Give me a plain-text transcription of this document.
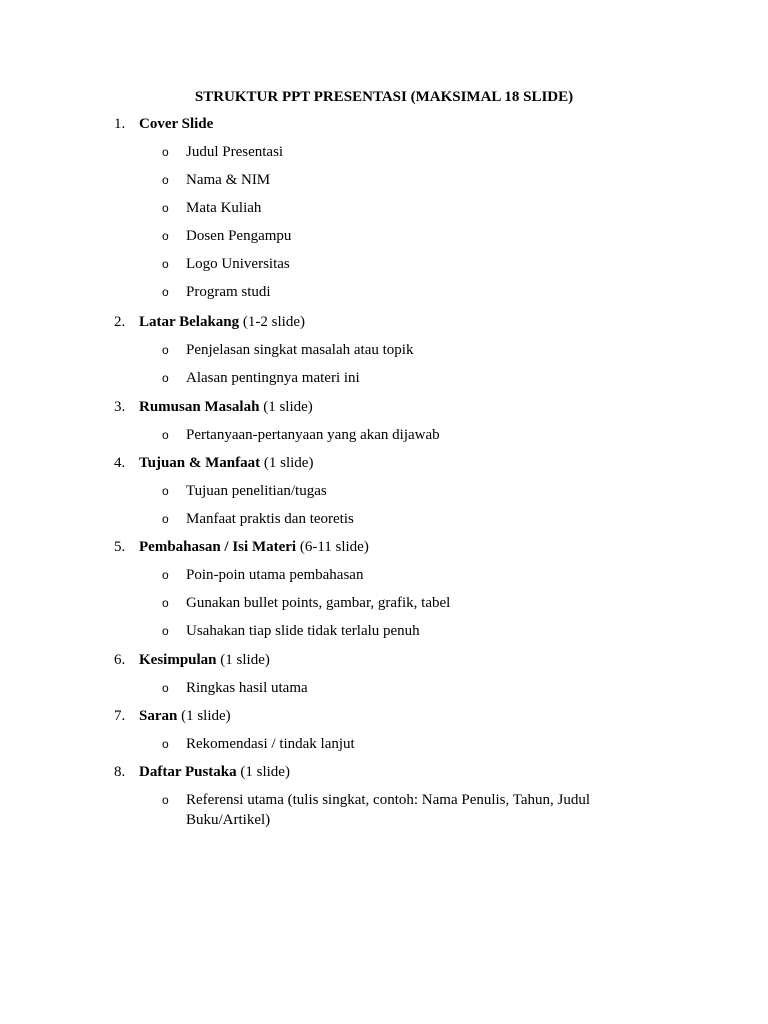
STRUKTUR PPT PRESENTASI (MAKSIMAL 18 SLIDE)
1. Cover Slide
o Judul Presentasi
o Nama & NIM
o Mata Kuliah
o Dosen Pengampu
o Logo Universitas
o Program studi
2. Latar Belakang (1-2 slide)
o Penjelasan singkat masalah atau topik
o Alasan pentingnya materi ini
3. Rumusan Masalah (1 slide)
o Pertanyaan-pertanyaan yang akan dijawab
4. Tujuan & Manfaat (1 slide)
o Tujuan penelitian/tugas
o Manfaat praktis dan teoretis
5. Pembahasan / Isi Materi (6-11 slide)
o Poin-poin utama pembahasan
o Gunakan bullet points, gambar, grafik, tabel
o Usahakan tiap slide tidak terlalu penuh
6. Kesimpulan (1 slide)
o Ringkas hasil utama
7. Saran (1 slide)
o Rekomendasi / tindak lanjut
8. Daftar Pustaka (1 slide)
o Referensi utama (tulis singkat, contoh: Nama Penulis, Tahun, Judul Buku/Artikel)
